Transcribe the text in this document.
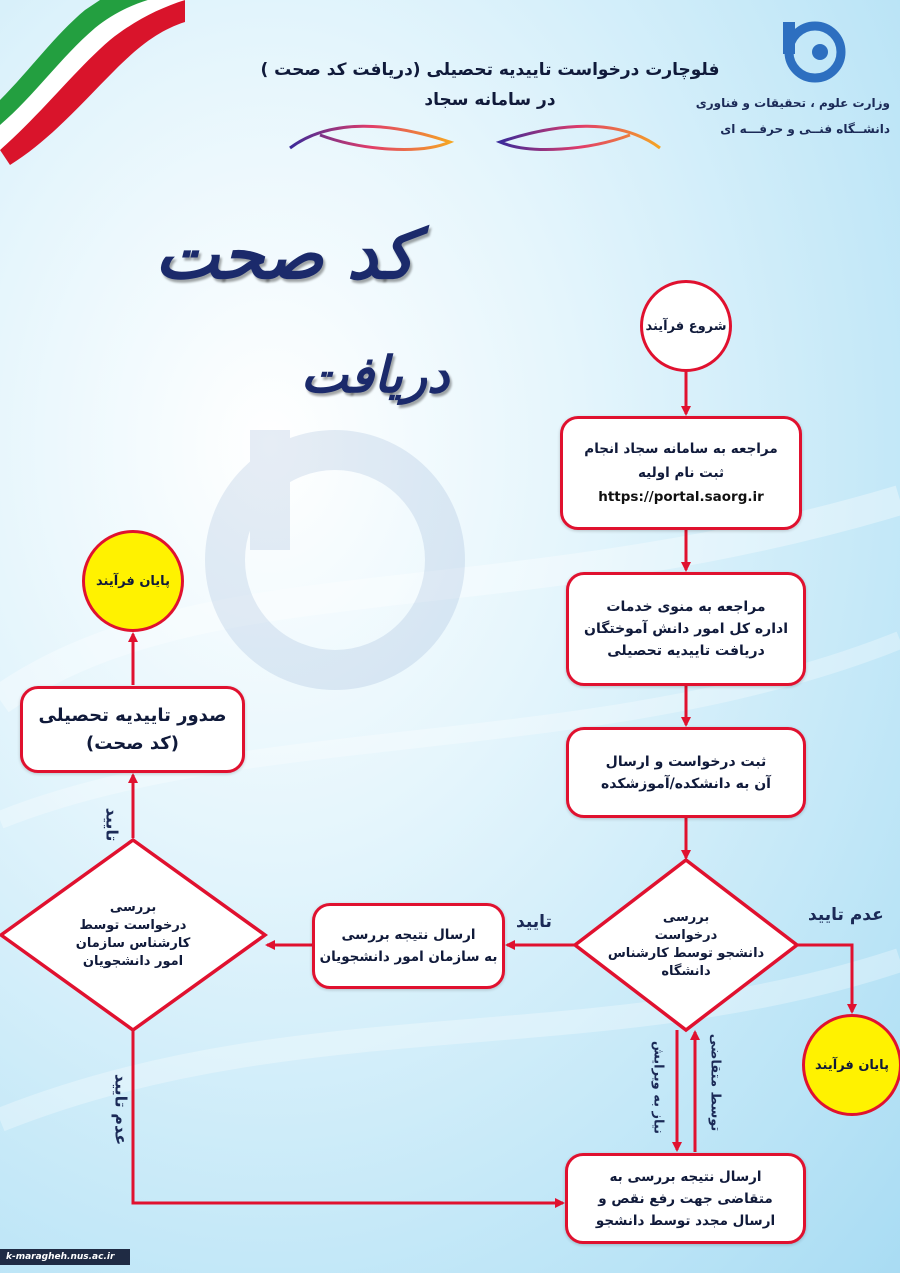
فلوچارت درخواست تاییدیه تحصیلی (دریافت کد صحت )
در سامانه سجاد	وزارت علوم ، تحقیقات و فناوری
دانشــگاه فنــی و حرفـــه ای
کد صحت
دریافت
شروع فرآیند
مراجعه به سامانه سجاد انجام
ثبت نام اولیه
https://portal.saorg.ir
مراجعه به منوی خدمات
اداره کل امور دانش آموختگان
دریافت تاییدیه تحصیلی
ثبت درخواست و ارسال
آن به دانشکده/آموزشکده
بررسی
درخواست
دانشجو توسط کارشناس
دانشگاه
ارسال نتیجه بررسی
به سازمان امور دانشجویان
بررسی
درخواست توسط
کارشناس سازمان
امور دانشجویان
صدور تاییدیه تحصیلی
(کد صحت)
پایان فرآیند
پایان فرآیند
ارسال نتیجه بررسی به
متقاضی جهت رفع نقص و
ارسال مجدد توسط دانشجو
تایید	عدم تایید
تایید
عدم تایید	نیاز به ویرایش	توسط متقاضی
k-maragheh.nus.ac.ir
